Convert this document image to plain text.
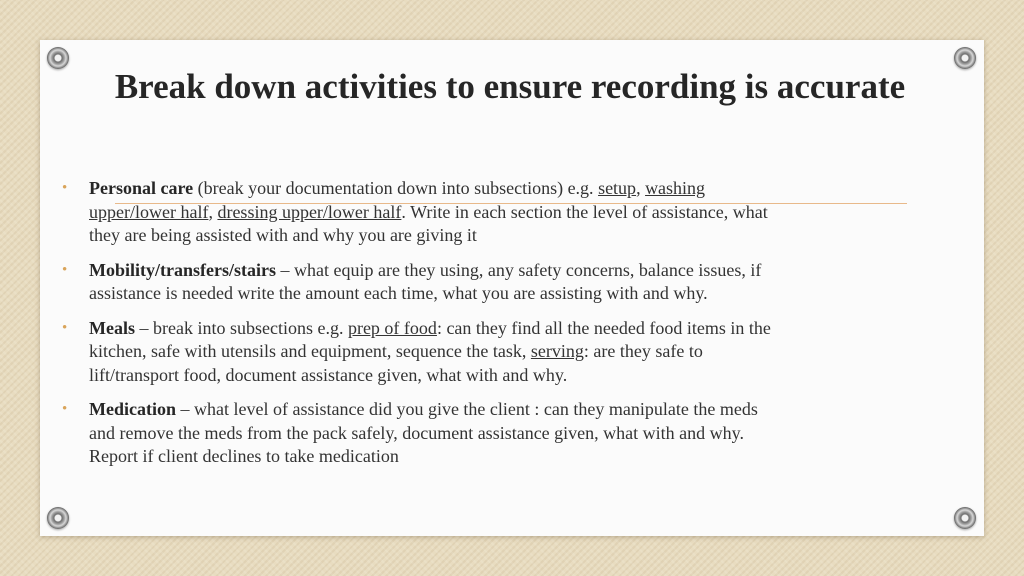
Break down activities to ensure recording is accurate
• Personal care (break your documentation down into subsections) e.g. setup, washing upper/lower half, dressing upper/lower half. Write in each section the level of assistance, what they are being assisted with and why you are giving it
• Mobility/transfers/stairs – what equip are they using, any safety concerns, balance issues, if assistance is needed write the amount each time, what you are assisting with and why.
• Meals – break into subsections e.g. prep of food: can they find all the needed food items in the kitchen, safe with utensils and equipment, sequence the task, serving: are they safe to lift/transport food, document assistance given, what with and why.
• Medication – what level of assistance did you give the client : can they manipulate the meds and remove the meds from the pack safely, document assistance given, what with and why. Report if client declines to take medication
